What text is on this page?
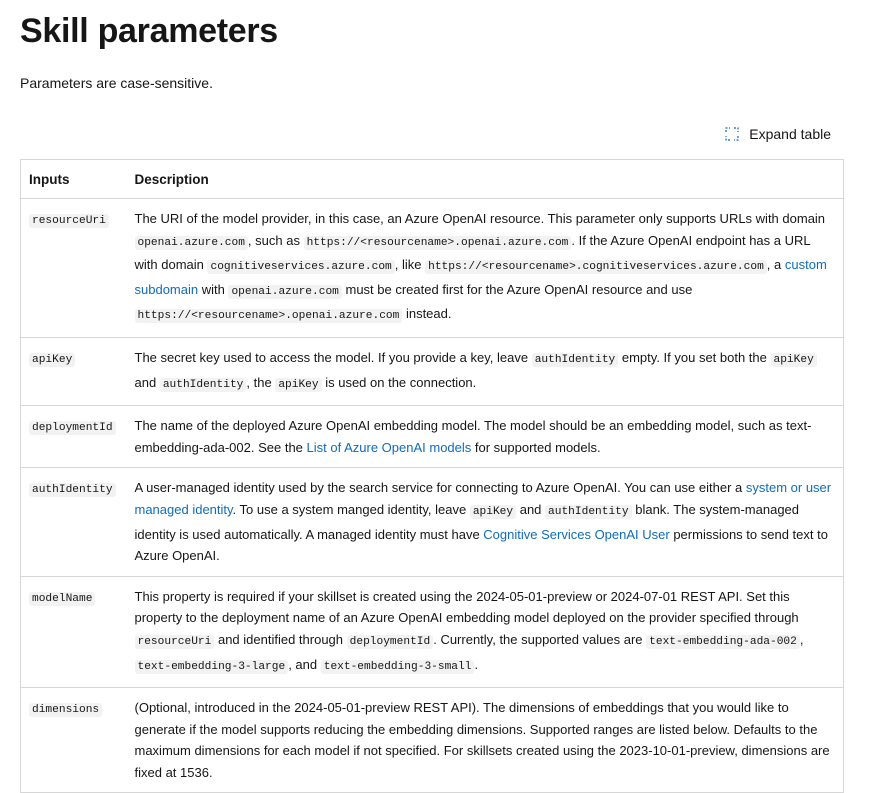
Skill parameters

Parameters are case-sensitive.

Expand table
Inputs	Description
resourceUri	The URI of the model provider, in this case, an Azure OpenAI resource. This parameter only supports URLs with domain openai.azure.com , such as https://<resourcename>.openai.azure.com . If the Azure OpenAI endpoint has a URL with domain cognitiveservices.azure.com , like https://<resourcename>.cognitiveservices.azure.com , a custom subdomain with openai.azure.com must be created first for the Azure OpenAI resource and use https://<resourcename>.openai.azure.com instead.
apiKey	The secret key used to access the model. If you provide a key, leave authIdentity empty. If you set both the apiKey and authIdentity , the apiKey is used on the connection.
deploymentId	The name of the deployed Azure OpenAI embedding model. The model should be an embedding model, such as text-embedding-ada-002. See the List of Azure OpenAI models for supported models.
authIdentity	A user-managed identity used by the search service for connecting to Azure OpenAI. You can use either a system or user managed identity. To use a system manged identity, leave apiKey and authIdentity blank. The system-managed identity is used automatically. A managed identity must have Cognitive Services OpenAI User permissions to send text to Azure OpenAI.
modelName	This property is required if your skillset is created using the 2024-05-01-preview or 2024-07-01 REST API. Set this property to the deployment name of an Azure OpenAI embedding model deployed on the provider specified through resourceUri and identified through deploymentId . Currently, the supported values are text-embedding-ada-002 , text-embedding-3-large , and text-embedding-3-small .
dimensions	(Optional, introduced in the 2024-05-01-preview REST API). The dimensions of embeddings that you would like to generate if the model supports reducing the embedding dimensions. Supported ranges are listed below. Defaults to the maximum dimensions for each model if not specified. For skillsets created using the 2023-10-01-preview, dimensions are fixed at 1536.
